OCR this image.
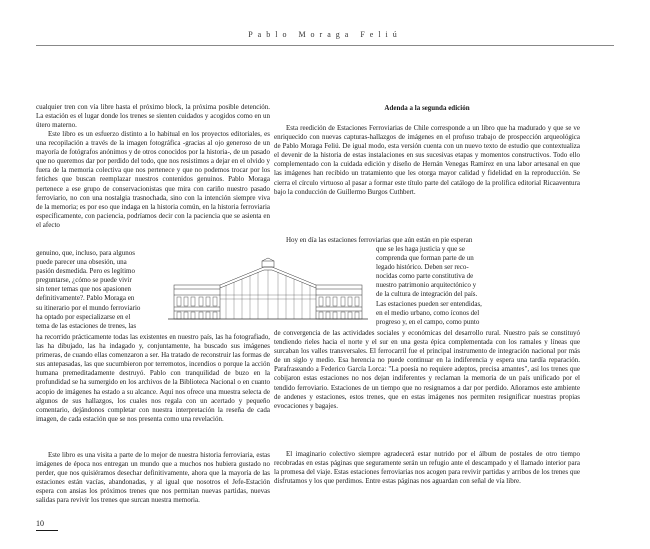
Pablo Moraga Feliú

cualquier tren con vía libre hasta el próximo block, la próxima posible detención. La estación es el lugar donde los trenes se sienten cuidados y acogidos como en un útero materno.

Este libro es un esfuerzo distinto a lo habitual en los proyectos editoriales, es una recopilación a través de la imagen fotográfica -gracias al ojo generoso de un mayoría de fotógrafos anónimos y de otros conocidos por la historia-, de un pasado que no queremos dar por perdido del todo, que nos resistimos a dejar en el olvido y fuera de la memoria colectiva que nos pertenece y que no podemos trocar por los fetiches que buscan reemplazar nuestros contenidos genuinos. Pablo Moraga pertenece a ese grupo de conservacionistas que mira con cariño nuestro pasado ferroviario, no con una nostalgia trasnochada, sino con la intención siempre viva de la memoria; es por eso que indaga en la historia común, en la historia ferroviaria específicamente, con paciencia, podríamos decir con la paciencia que se asienta en el afecto

genuino, que, incluso, para algunos
puede parecer una obsesión, una
pasión desmedida. Pero es legítimo
preguntarse, ¿cómo se puede vivir
sin tener temas que nos apasionen
definitivamente?. Pablo Moraga en
su itinerario por el mundo ferroviario
ha optado por especializarse en el
tema de las estaciones de trenes, las

ha recorrido prácticamente todas las existentes en nuestro país, las ha fotografiado, las ha dibujado, las ha indagado y, conjuntamente, ha buscado sus imágenes primeras, de cuando ellas comenzaron a ser. Ha tratado de reconstruir las formas de sus antepasadas, las que sucumbieron por terremotos, incendios o porque la acción humana premeditadamente destruyó. Pablo con tranquilidad de buzo en la profundidad se ha sumergido en los archivos de la Biblioteca Nacional o en cuanto acopio de imágenes ha estado a su alcance. Aquí nos ofrece una muestra selecta de algunos de sus hallazgos, los cuales nos regala con un acertado y pequeño comentario, dejándonos completar con nuestra interpretación la reseña de cada imagen, de cada estación que se nos presenta como una revelación.

Este libro es una visita a parte de lo mejor de nuestra historia ferroviaria, estas imágenes de época nos entregan un mundo que a muchos nos hubiera gustado no perder, que nos quisiéramos desechar definitivamente, ahora que la mayoría de las estaciones están vacías, abandonadas, y al igual que nosotros el Jefe-Estación espera con ansias los próximos trenes que nos permitan nuevas partidas, nuevas salidas para revivir los trenes que surcan nuestra memoria.

Adenda a la segunda edición

Esta reedición de Estaciones Ferroviarias de Chile corresponde a un libro que ha madurado y que se ve enriquecido con nuevas capturas-hallazgos de imágenes en el profuso trabajo de prospección arqueológica de Pablo Moraga Feliú. De igual modo, esta versión cuenta con un nuevo texto de estudio que contextualiza el devenir de la historia de estas instalaciones en sus sucesivas etapas y momentos constructivos. Todo ello complementado con la cuidada edición y diseño de Hernán Venegas Ramírez en una labor artesanal en que las imágenes han recibido un tratamiento que les otorga mayor calidad y fidelidad en la reproducción. Se cierra el círculo virtuoso al pasar a formar este título parte del catálogo de la prolífica editorial Ricaaventura bajo la conducción de Guillermo Burgos Cuthbert.

Hoy en día las estaciones ferroviarias que aún están en pie esperan

que se les haga justicia y que se
comprenda que forman parte de un
legado histórico. Deben ser reco-
nocidas como parte constitutiva de
nuestro patrimonio arquitectónico y
de la cultura de integración del país.
Las estaciones pueden ser entendidas,
en el medio urbano, como íconos del
progreso y, en el campo, como punto

de convergencia de las actividades sociales y económicas del desarrollo rural. Nuestro país se constituyó tendiendo rieles hacia el norte y el sur en una gesta épica complementada con los ramales y líneas que surcaban los valles transversales. El ferrocarril fue el principal instrumento de integración nacional por más de un siglo y medio. Esa herencia no puede continuar en la indiferencia y espera una tardía reparación. Parafraseando a Federico García Lorca: "La poesía no requiere adeptos, precisa amantes", así los trenes que cobijaron estas estaciones no nos dejan indiferentes y reclaman la memoria de un país unificado por el tendido ferroviario. Estaciones de un tiempo que no resignamos a dar por perdido. Añoramos este ambiente de andenes y estaciones, estos trenes, que en estas imágenes nos permiten resignificar nuestras propias evocaciones y bagajes.

El imaginario colectivo siempre agradecerá estar nutrido por el álbum de postales de otro tiempo recobradas en estas páginas que seguramente serán un refugio ante el descampado y el llamado interior para la promesa del viaje. Estas estaciones ferroviarias nos acogen para revivir partidas y arribos de los trenes que disfrutamos y los que perdimos. Entre estas páginas nos aguardan con señal de vía libre.

10
